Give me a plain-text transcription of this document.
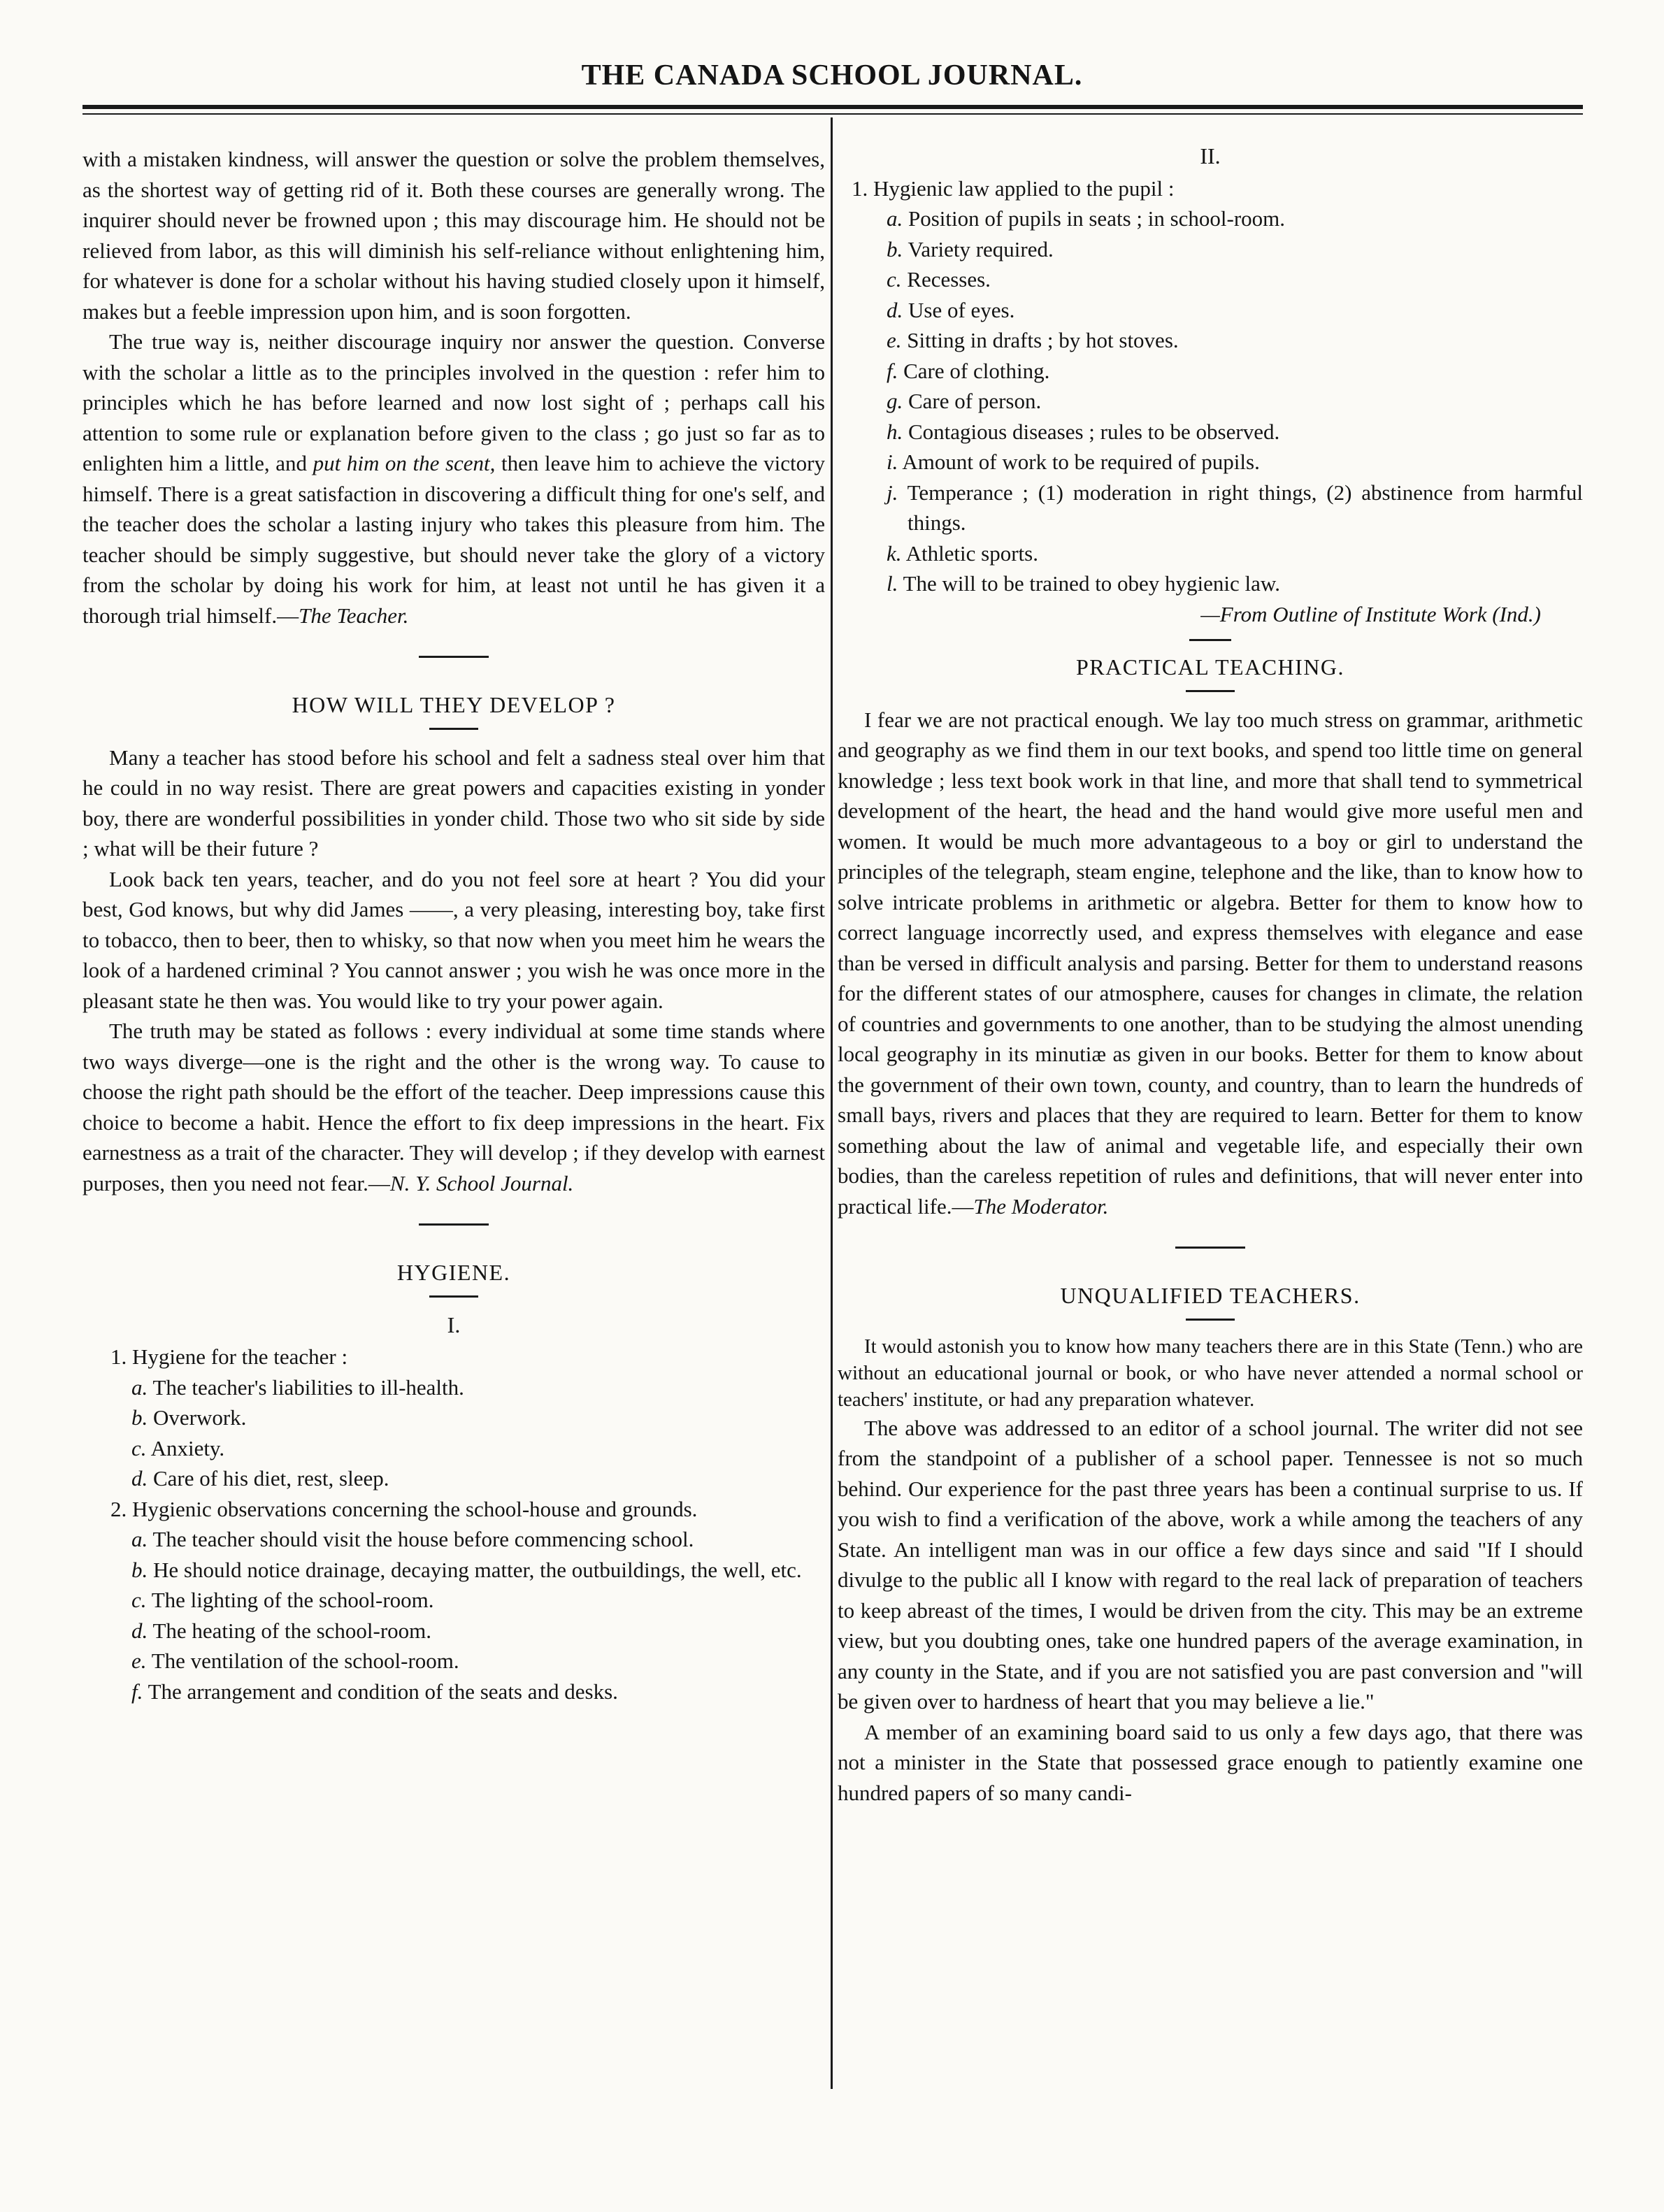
THE CANADA SCHOOL JOURNAL.

with a mistaken kindness, will answer the question or solve the problem themselves, as the shortest way of getting rid of it. Both these courses are generally wrong. The inquirer should never be frowned upon ; this may discourage him. He should not be relieved from labor, as this will diminish his self-reliance without enlightening him, for whatever is done for a scholar without his having studied closely upon it himself, makes but a feeble impression upon him, and is soon forgotten.

The true way is, neither discourage inquiry nor answer the question. Converse with the scholar a little as to the principles involved in the question : refer him to principles which he has before learned and now lost sight of ; perhaps call his attention to some rule or explanation before given to the class ; go just so far as to enlighten him a little, and put him on the scent, then leave him to achieve the victory himself. There is a great satisfaction in discovering a difficult thing for one's self, and the teacher does the scholar a lasting injury who takes this pleasure from him. The teacher should be simply suggestive, but should never take the glory of a victory from the scholar by doing his work for him, at least not until he has given it a thorough trial himself.—The Teacher.

HOW WILL THEY DEVELOP ?

Many a teacher has stood before his school and felt a sadness steal over him that he could in no way resist. There are great powers and capacities existing in yonder boy, there are wonderful possibilities in yonder child. Those two who sit side by side ; what will be their future ?

Look back ten years, teacher, and do you not feel sore at heart ? You did your best, God knows, but why did James ——, a very pleasing, interesting boy, take first to tobacco, then to beer, then to whisky, so that now when you meet him he wears the look of a hardened criminal ? You cannot answer ; you wish he was once more in the pleasant state he then was. You would like to try your power again.

The truth may be stated as follows : every individual at some time stands where two ways diverge—one is the right and the other is the wrong way. To cause to choose the right path should be the effort of the teacher. Deep impressions cause this choice to become a habit. Hence the effort to fix deep impressions in the heart. Fix earnestness as a trait of the character. They will develop ; if they develop with earnest purposes, then you need not fear.—N. Y. School Journal.

HYGIENE.
I.
1. Hygiene for the teacher :
a. The teacher's liabilities to ill-health.
b. Overwork.
c. Anxiety.
d. Care of his diet, rest, sleep.
2. Hygienic observations concerning the school-house and grounds.
a. The teacher should visit the house before commencing school.
b. He should notice drainage, decaying matter, the outbuildings, the well, etc.
c. The lighting of the school-room.
d. The heating of the school-room.
e. The ventilation of the school-room.
f. The arrangement and condition of the seats and desks.
II.
1. Hygienic law applied to the pupil :
a. Position of pupils in seats ; in school-room.
b. Variety required.
c. Recesses.
d. Use of eyes.
e. Sitting in drafts ; by hot stoves.
f. Care of clothing.
g. Care of person.
h. Contagious diseases ; rules to be observed.
i. Amount of work to be required of pupils.
j. Temperance ; (1) moderation in right things, (2) abstinence from harmful things.
k. Athletic sports.
l. The will to be trained to obey hygienic law.
—From Outline of Institute Work (Ind.)
PRACTICAL TEACHING.

I fear we are not practical enough. We lay too much stress on grammar, arithmetic and geography as we find them in our text books, and spend too little time on general knowledge ; less text book work in that line, and more that shall tend to symmetrical development of the heart, the head and the hand would give more useful men and women. It would be much more advantageous to a boy or girl to understand the principles of the telegraph, steam engine, telephone and the like, than to know how to solve intricate problems in arithmetic or algebra. Better for them to know how to correct language incorrectly used, and express themselves with elegance and ease than be versed in difficult analysis and parsing. Better for them to understand reasons for the different states of our atmosphere, causes for changes in climate, the relation of countries and governments to one another, than to be studying the almost unending local geography in its minutiæ as given in our books. Better for them to know about the government of their own town, county, and country, than to learn the hundreds of small bays, rivers and places that they are required to learn. Better for them to know something about the law of animal and vegetable life, and especially their own bodies, than the careless repetition of rules and definitions, that will never enter into practical life.—The Moderator.

UNQUALIFIED TEACHERS.

It would astonish you to know how many teachers there are in this State (Tenn.) who are without an educational journal or book, or who have never attended a normal school or teachers' institute, or had any preparation whatever.

The above was addressed to an editor of a school journal. The writer did not see from the standpoint of a publisher of a school paper. Tennessee is not so much behind. Our experience for the past three years has been a continual surprise to us. If you wish to find a verification of the above, work a while among the teachers of any State. An intelligent man was in our office a few days since and said "If I should divulge to the public all I know with regard to the real lack of preparation of teachers to keep abreast of the times, I would be driven from the city. This may be an extreme view, but you doubting ones, take one hundred papers of the average examination, in any county in the State, and if you are not satisfied you are past conversion and "will be given over to hardness of heart that you may believe a lie."

A member of an examining board said to us only a few days ago, that there was not a minister in the State that possessed grace enough to patiently examine one hundred papers of so many candi-
